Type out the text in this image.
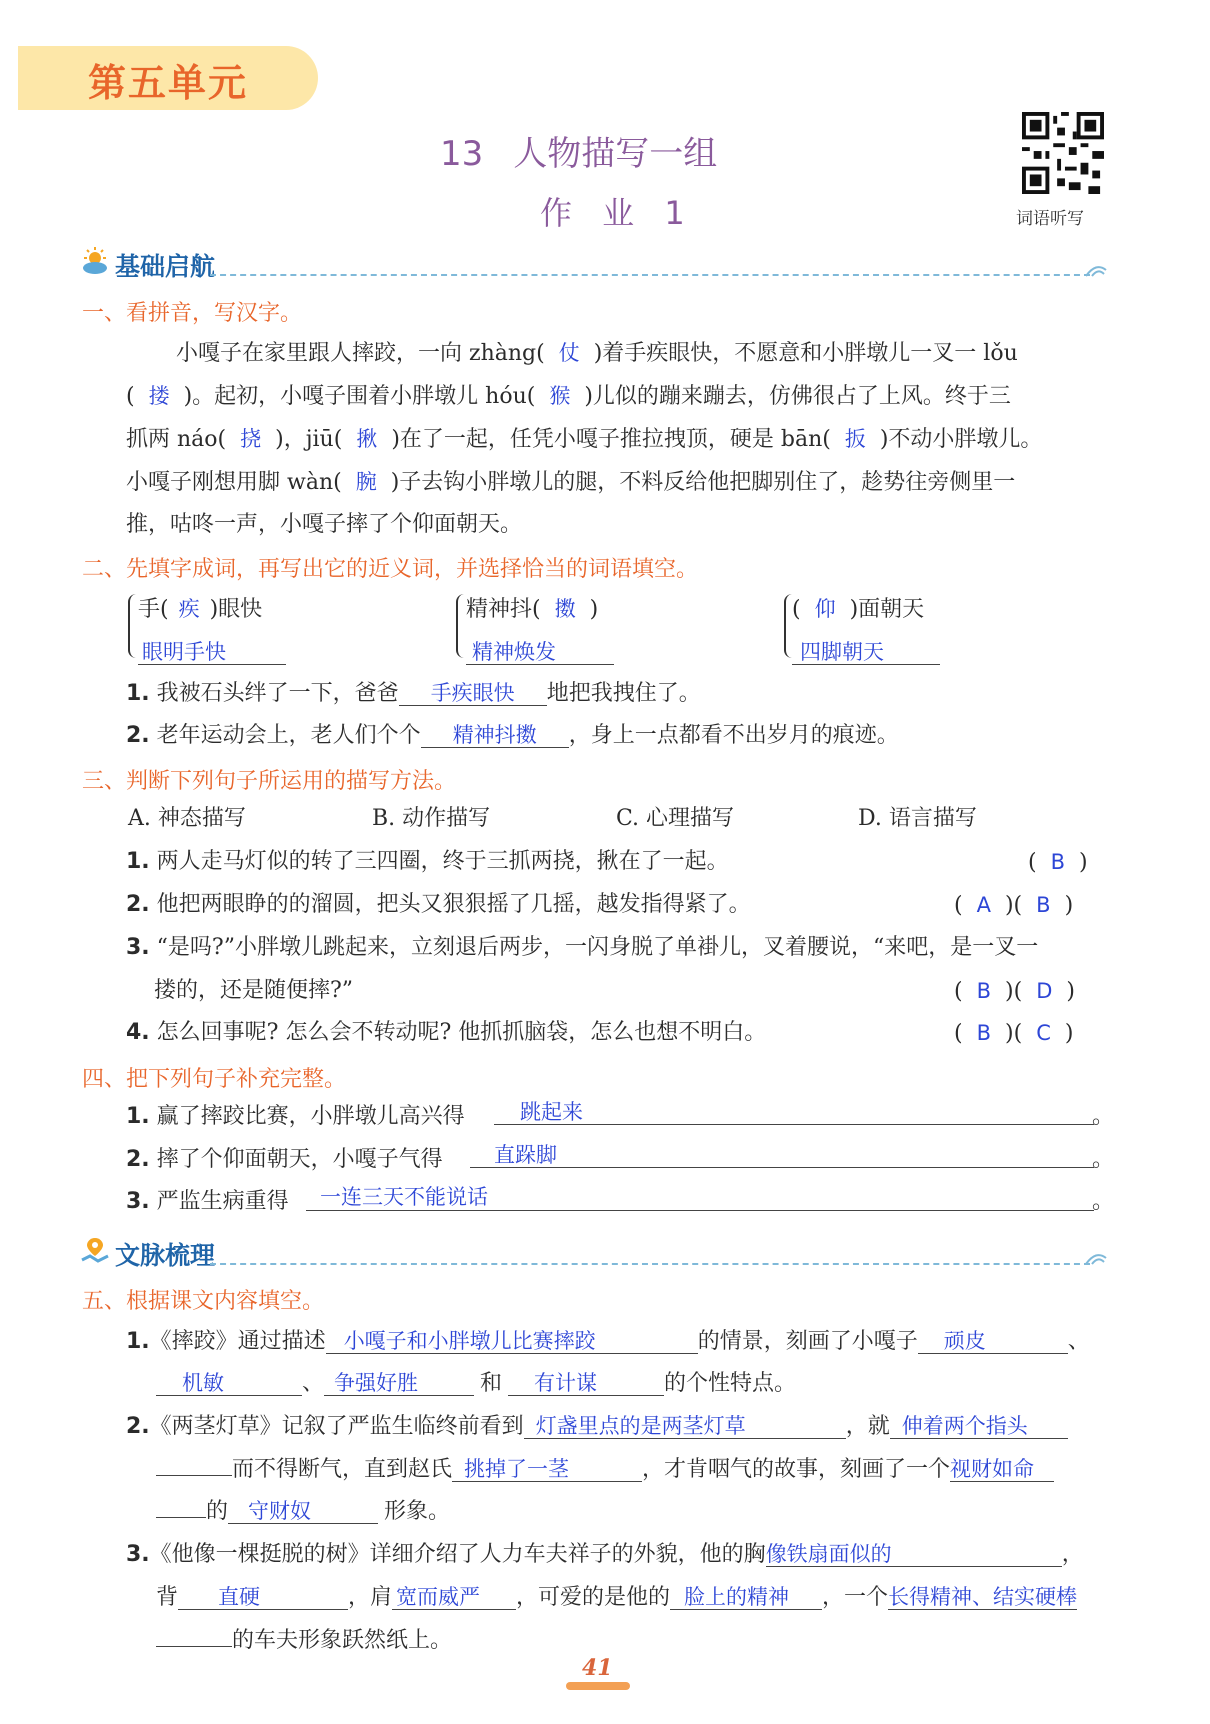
第五单元
13 人物描写一组
作 业 1	词语听写
基础启航
一、看拼音，写汉字。
小嘎子在家里跟人摔跤，一向 zhàng( 仗 )着手疾眼快，不愿意和小胖墩儿一叉一 lǒu
( 搂 )。起初，小嘎子围着小胖墩儿 hóu( 猴 )儿似的蹦来蹦去，仿佛很占了上风。终于三
抓两 náo( 挠 )，jiū( 揪 )在了一起，任凭小嘎子推拉拽顶，硬是 bān( 扳 )不动小胖墩儿。
小嘎子刚想用脚 wàn( 腕 )子去钩小胖墩儿的腿，不料反给他把脚别住了，趁势往旁侧里一
推，咕咚一声，小嘎子摔了个仰面朝天。
二、先填字成词，再写出它的近义词，并选择恰当的词语填空。
手( 疾 )眼快
眼明手快
精神抖( 擞 )
精神焕发
( 仰 )面朝天
四脚朝天
1. 我被石头绊了一下，爸爸 手疾眼快 地把我拽住了。
2. 老年运动会上，老人们个个 精神抖擞 ，身上一点都看不出岁月的痕迹。
三、判断下列句子所运用的描写方法。
A. 神态描写	B. 动作描写	C. 心理描写	D. 语言描写
1. 两人走马灯似的转了三四圈，终于三抓两挠，揪在了一起。	( B )
2. 他把两眼睁的的溜圆，把头又狠狠摇了几摇，越发指得紧了。	( A )( B )
3. “是吗?”小胖墩儿跳起来，立刻退后两步，一闪身脱了单褂儿，叉着腰说，“来吧，是一叉一
搂的，还是随便摔?”	( B )( D )
4. 怎么回事呢? 怎么会不转动呢? 他抓抓脑袋，怎么也想不明白。	( B )( C )
四、把下列句子补充完整。
1. 赢了摔跤比赛，小胖墩儿高兴得	跳起来	。
2. 摔了个仰面朝天，小嘎子气得 直跺脚	。
3. 严监生病重得 一连三天不能说话	。
文脉梳理
五、根据课文内容填空。
1.《摔跤》通过描述 小嘎子和小胖墩儿比赛摔跤	的情景，刻画了小嘎子 顽皮	、
机敏	、 争强好胜	和 有计谋	的个性特点。
2.《两茎灯草》记叙了严监生临终前看到 灯盏里点的是两茎灯草	，就 伸着两个指头
而不得断气，直到赵氏 挑掉了一茎	，才肯咽气的故事，刻画了一个视财如命
的 守财奴	形象。
3.《他像一棵挺脱的树》详细介绍了人力车夫祥子的外貌，他的胸像铁扇面似的	，
背 直硬	，肩 宽而威严 ，可爱的是他的 脸上的精神 ，一个长得精神、结实硬棒
的车夫形象跃然纸上。
41
